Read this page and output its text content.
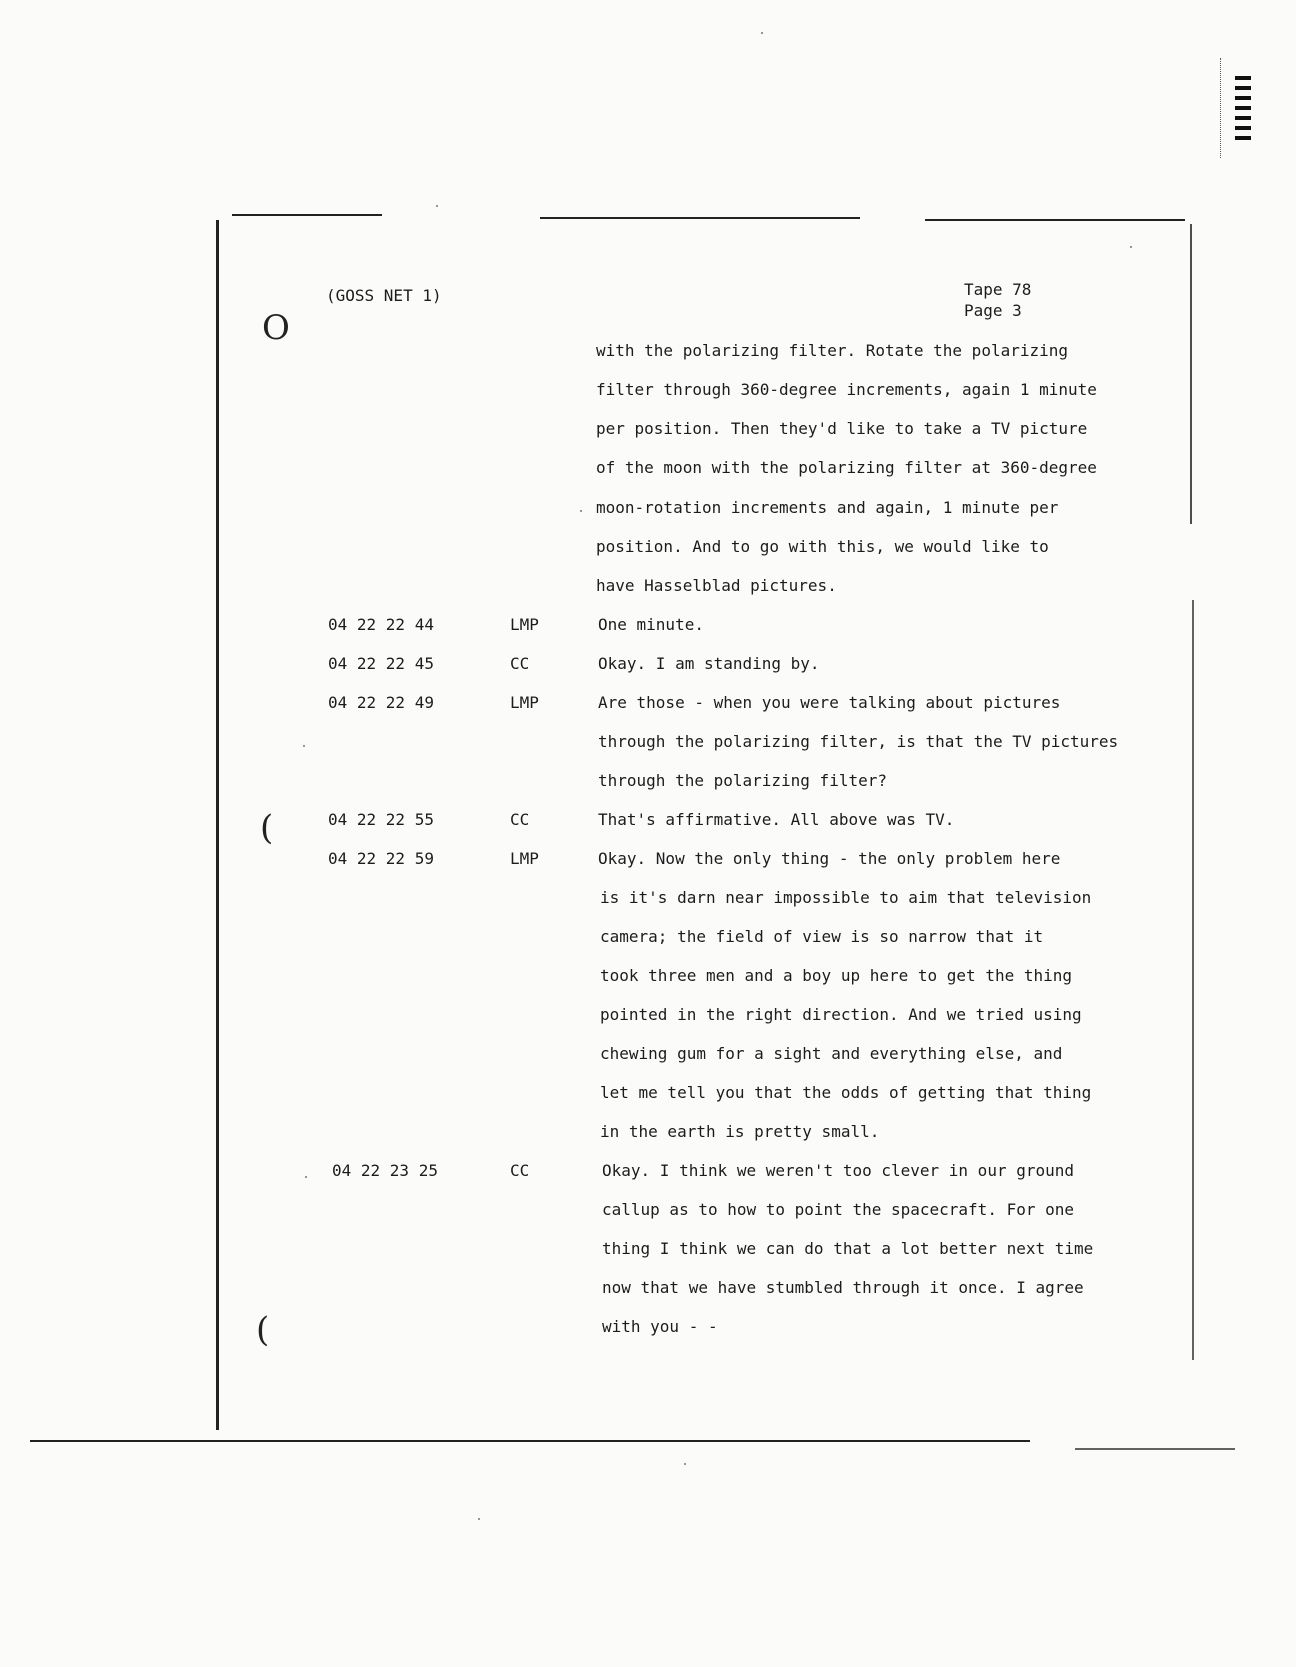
O
(
(
(GOSS NET 1)	Tape 78
Page 3
with the polarizing filter. Rotate the polarizing
filter through 360-degree increments, again 1 minute
per position. Then they'd like to take a TV picture
of the moon with the polarizing filter at 360-degree
moon-rotation increments and again, 1 minute per
position. And to go with this, we would like to
have Hasselblad pictures.
04 22 22 44	LMP	One minute.
04 22 22 45	CC	Okay. I am standing by.
04 22 22 49	LMP	Are those - when you were talking about pictures
through the polarizing filter, is that the TV pictures
through the polarizing filter?
04 22 22 55	CC	That's affirmative. All above was TV.
04 22 22 59	LMP	Okay. Now the only thing - the only problem here
is it's darn near impossible to aim that television
camera; the field of view is so narrow that it
took three men and a boy up here to get the thing
pointed in the right direction. And we tried using
chewing gum for a sight and everything else, and
let me tell you that the odds of getting that thing
in the earth is pretty small.
04 22 23 25	CC	Okay. I think we weren't too clever in our ground
callup as to how to point the spacecraft. For one
thing I think we can do that a lot better next time
now that we have stumbled through it once. I agree
with you - -
